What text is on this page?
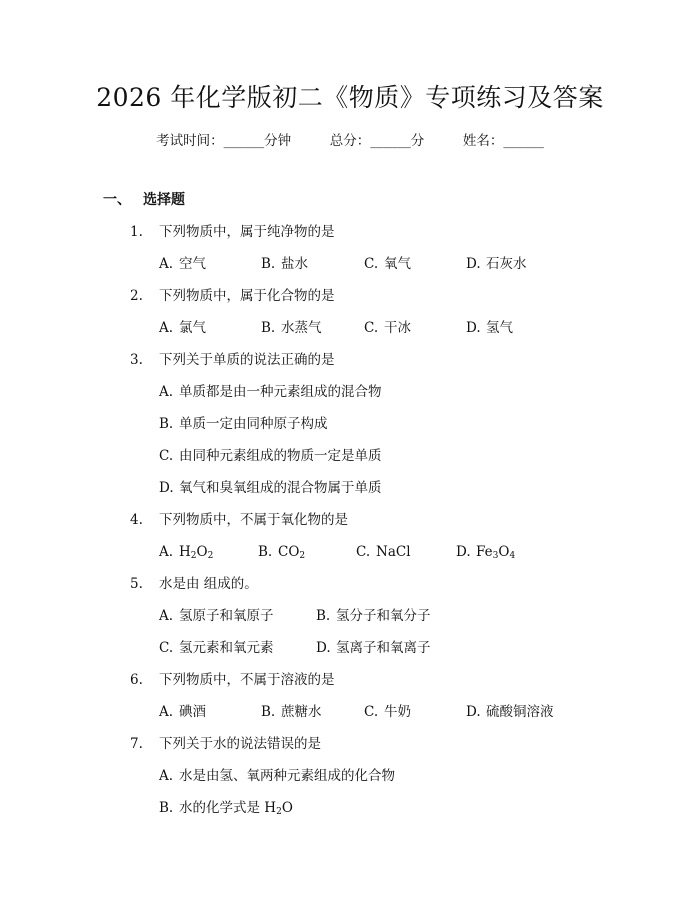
2026 年化学版初二《物质》专项练习及答案
考试时间：______分钟	总分：______分	姓名：______
一、 选择题
1. 下列物质中，属于纯净物的是
A. 空气	B. 盐水	C. 氧气	D. 石灰水
2. 下列物质中，属于化合物的是
A. 氯气	B. 水蒸气	C. 干冰	D. 氢气
3. 下列关于单质的说法正确的是
A. 单质都是由一种元素组成的混合物
B. 单质一定由同种原子构成
C. 由同种元素组成的物质一定是单质
D. 氧气和臭氧组成的混合物属于单质
4. 下列物质中，不属于氧化物的是
A. $H_2O_2$	B. $CO_2$	C. NaCl	D. $Fe_3O_4$
5. 水是由 组成的。
A. 氢原子和氧原子	B. 氢分子和氧分子
C. 氢元素和氧元素	D. 氢离子和氧离子
6. 下列物质中，不属于溶液的是
A. 碘酒	B. 蔗糖水	C. 牛奶	D. 硫酸铜溶液
7. 下列关于水的说法错误的是
A. 水是由氢、氧两种元素组成的化合物
B. 水的化学式是 $H_2O$
